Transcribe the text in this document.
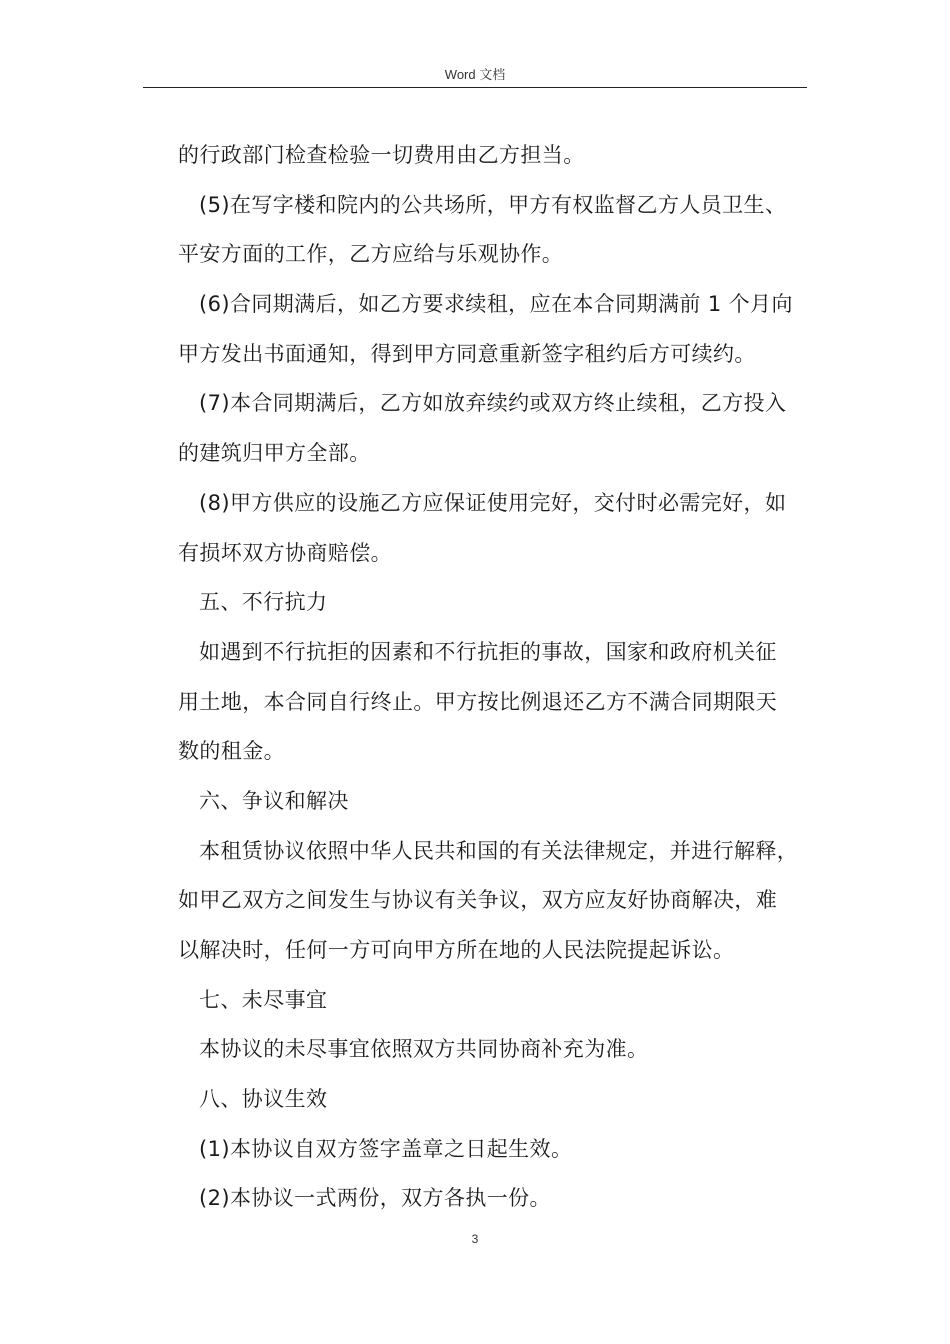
Word 文档
的行政部门检查检验一切费用由乙方担当。
(5)在写字楼和院内的公共场所，甲方有权监督乙方人员卫生、
平安方面的工作，乙方应给与乐观协作。
(6)合同期满后，如乙方要求续租，应在本合同期满前 1 个月向
甲方发出书面通知，得到甲方同意重新签字租约后方可续约。
(7)本合同期满后，乙方如放弃续约或双方终止续租，乙方投入
的建筑归甲方全部。
(8)甲方供应的设施乙方应保证使用完好，交付时必需完好，如
有损坏双方协商赔偿。
五、不行抗力
如遇到不行抗拒的因素和不行抗拒的事故，国家和政府机关征
用土地，本合同自行终止。甲方按比例退还乙方不满合同期限天
数的租金。
六、争议和解决
本租赁协议依照中华人民共和国的有关法律规定，并进行解释，
如甲乙双方之间发生与协议有关争议，双方应友好协商解决，难
以解决时，任何一方可向甲方所在地的人民法院提起诉讼。
七、未尽事宜
本协议的未尽事宜依照双方共同协商补充为准。
八、协议生效
(1)本协议自双方签字盖章之日起生效。
(2)本协议一式两份，双方各执一份。
3
